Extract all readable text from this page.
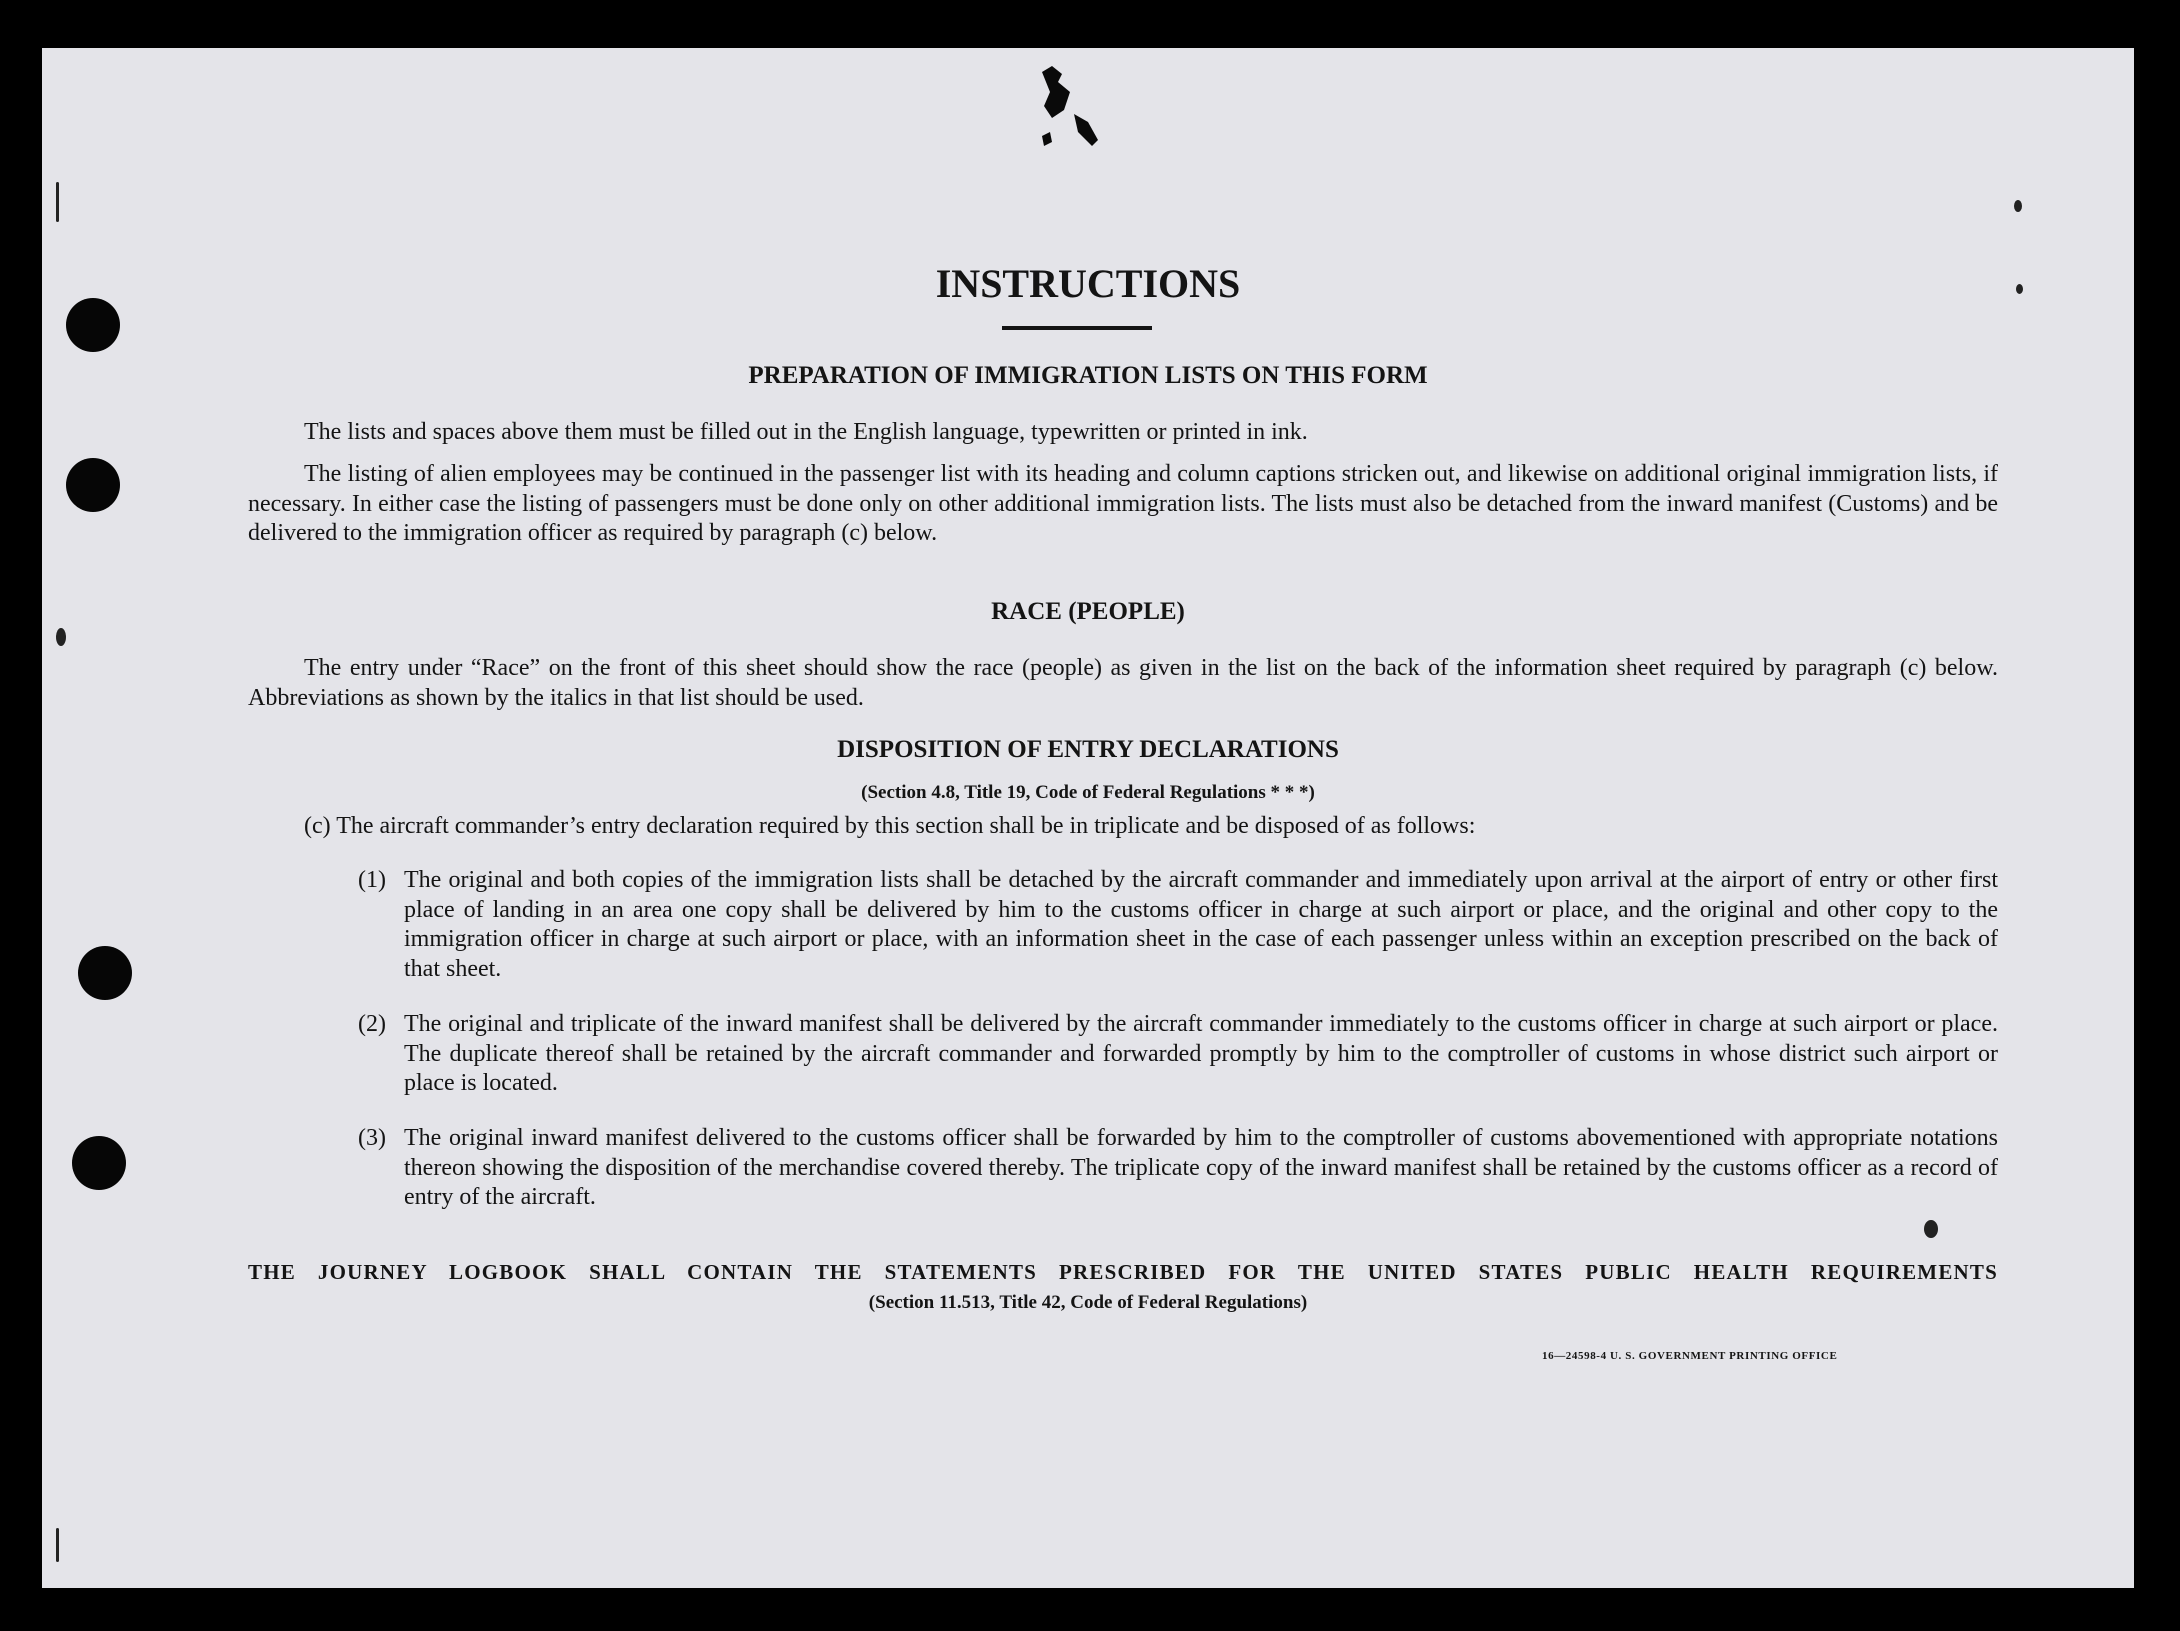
INSTRUCTIONS
PREPARATION OF IMMIGRATION LISTS ON THIS FORM

The lists and spaces above them must be filled out in the English language, typewritten or printed in ink.

The listing of alien employees may be continued in the passenger list with its heading and column captions stricken out, and likewise on additional original immigration lists, if necessary. In either case the listing of passengers must be done only on other additional immigration lists. The lists must also be detached from the inward manifest (Customs) and be delivered to the immigration officer as required by paragraph (c) below.

RACE (PEOPLE)

The entry under “Race” on the front of this sheet should show the race (people) as given in the list on the back of the information sheet required by paragraph (c) below. Abbreviations as shown by the italics in that list should be used.

DISPOSITION OF ENTRY DECLARATIONS

(Section 4.8, Title 19, Code of Federal Regulations * * *)

(c) The aircraft commander’s entry declaration required by this section shall be in triplicate and be disposed of as follows:

(1) The original and both copies of the immigration lists shall be detached by the aircraft commander and immediately upon arrival at the airport of entry or other first place of landing in an area one copy shall be delivered by him to the customs officer in charge at such airport or place, and the original and other copy to the immigration officer in charge at such airport or place, with an information sheet in the case of each passenger unless within an exception prescribed on the back of that sheet.
(2) The original and triplicate of the inward manifest shall be delivered by the aircraft commander immediately to the customs officer in charge at such airport or place. The duplicate thereof shall be retained by the aircraft commander and forwarded promptly by him to the comptroller of customs in whose district such airport or place is located.
(3) The original inward manifest delivered to the customs officer shall be forwarded by him to the comptroller of customs abovementioned with appropriate notations thereon showing the disposition of the merchandise covered thereby. The triplicate copy of the inward manifest shall be retained by the customs officer as a record of entry of the aircraft.

THE JOURNEY LOGBOOK SHALL CONTAIN THE STATEMENTS PRESCRIBED FOR THE UNITED STATES PUBLIC HEALTH REQUIREMENTS

(Section 11.513, Title 42, Code of Federal Regulations)

16—24598-4 U. S. GOVERNMENT PRINTING OFFICE
